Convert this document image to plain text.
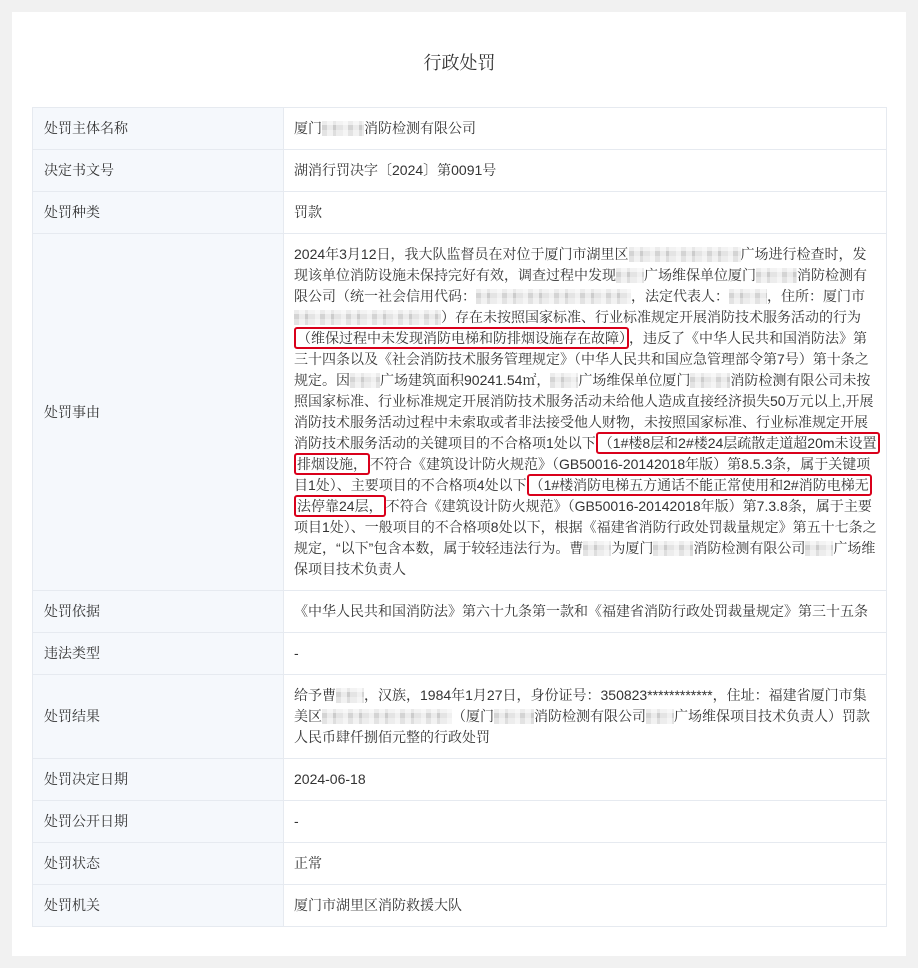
行政处罚
处罚主体名称	厦门 消防检测有限公司
决定书文号	湖消行罚决字〔2024〕第0091号
处罚种类	罚款
处罚事由	2024年3月12日，我大队监督员在对位于厦门市湖里区 广场进行检查时，发现该单位消防设施未保持完好有效，调查过程中发现 广场维保单位厦门 消防检测有限公司（统一社会信用代码： ，法定代表人： ，住所：厦门市）存在未按照国家标准、行业标准规定开展消防技术服务活动的行为（维保过程中未发现消防电梯和防排烟设施存在故障） ，违反了《中华人民共和国消防法》第三十四条以及《社会消防技术服务管理规定》（中华人民共和国应急管理部令第7号）第十条之规定。因 广场建筑面积90241.54㎡， 广场维保单位厦门 消防检测有限公司未按照国家标准、行业标准规定开展消防技术服务活动未给他人造成直接经济损失50万元以上,开展消防技术服务活动过程中未索取或者非法接受他人财物，未按照国家标准、行业标准规定开展消防技术服务活动的关键项目的不合格项1处以下 （1#楼8层和2#楼24层疏散走道超20m未设置排烟设施， 不符合《建筑设计防火规范》（GB50016-20142018年版）第8.5.3条，属于关键项目1处）、主要项目的不合格项4处以下 （1#楼消防电梯五方通话不能正常使用和2#消防电梯无法停靠24层， 不符合《建筑设计防火规范》（GB50016-20142018年版）第7.3.8条，属于主要项目1处）、一般项目的不合格项8处以下，根据《福建省消防行政处罚裁量规定》第五十七条之规定，“以下”包含本数，属于较轻违法行为。曹 为厦门 消防检测有限公司 广场维保项目技术负责人
处罚依据	《中华人民共和国消防法》第六十九条第一款和《福建省消防行政处罚裁量规定》第三十五条
违法类型	-
处罚结果	给予曹 ，汉族，1984年1月27日，身份证号：350823************，住址：福建省厦门市集美区 （厦门 消防检测有限公司 广场维保项目技术负责人）罚款人民币肆仟捌佰元整的行政处罚
处罚决定日期	2024-06-18
处罚公开日期	-
处罚状态	正常
处罚机关	厦门市湖里区消防救援大队
